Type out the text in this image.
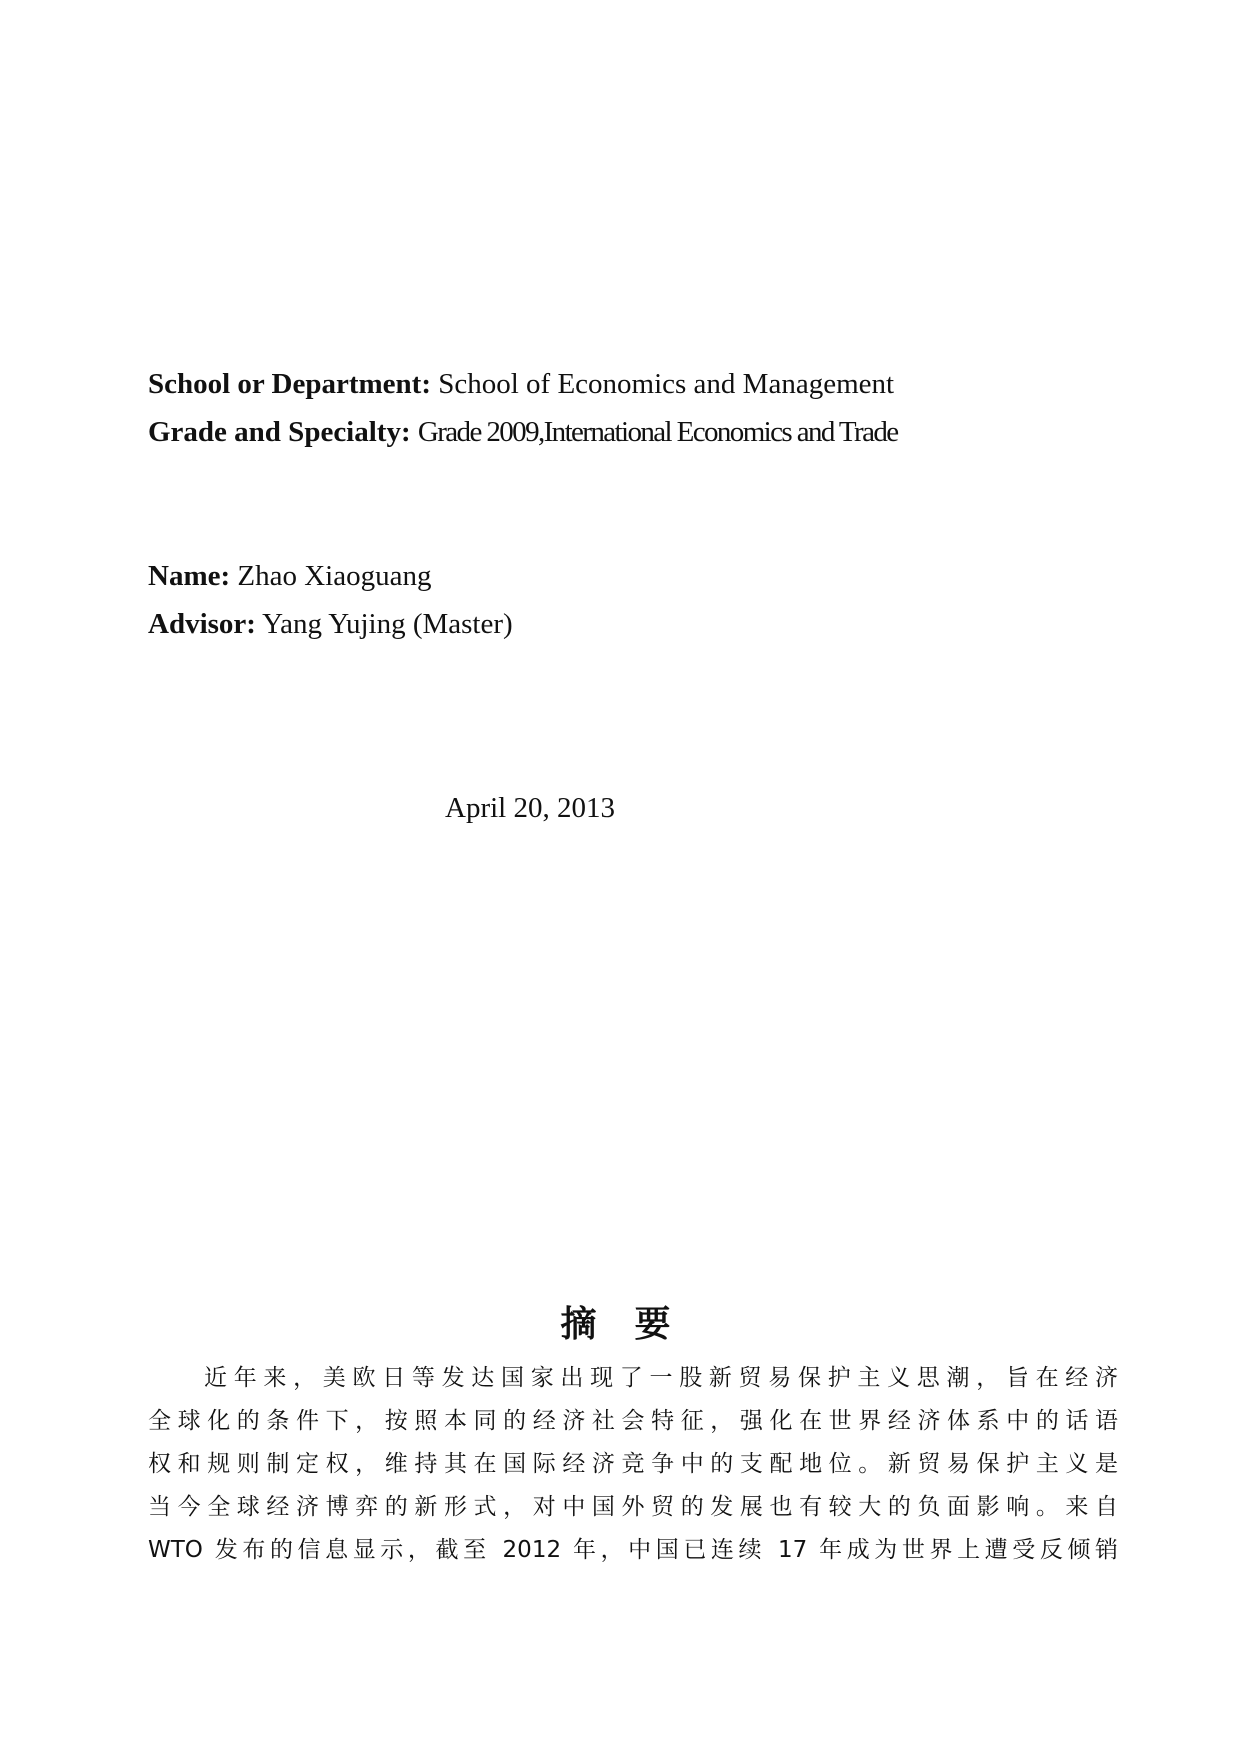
School or Department: School of Economics and Management
Grade and Specialty: Grade 2009,International Economics and Trade
Name: Zhao Xiaoguang
Advisor: Yang Yujing (Master)
April 20, 2013
摘要
近年来，美欧日等发达国家出现了一股新贸易保护主义思潮，旨在经济
全球化的条件下，按照本同的经济社会特征，强化在世界经济体系中的话语
权和规则制定权，维持其在国际经济竞争中的支配地位。新贸易保护主义是
当今全球经济博弈的新形式，对中国外贸的发展也有较大的负面影响。来自
WTO 发布的信息显示，截至 2012 年，中国已连续 17 年成为世界上遭受反倾销
